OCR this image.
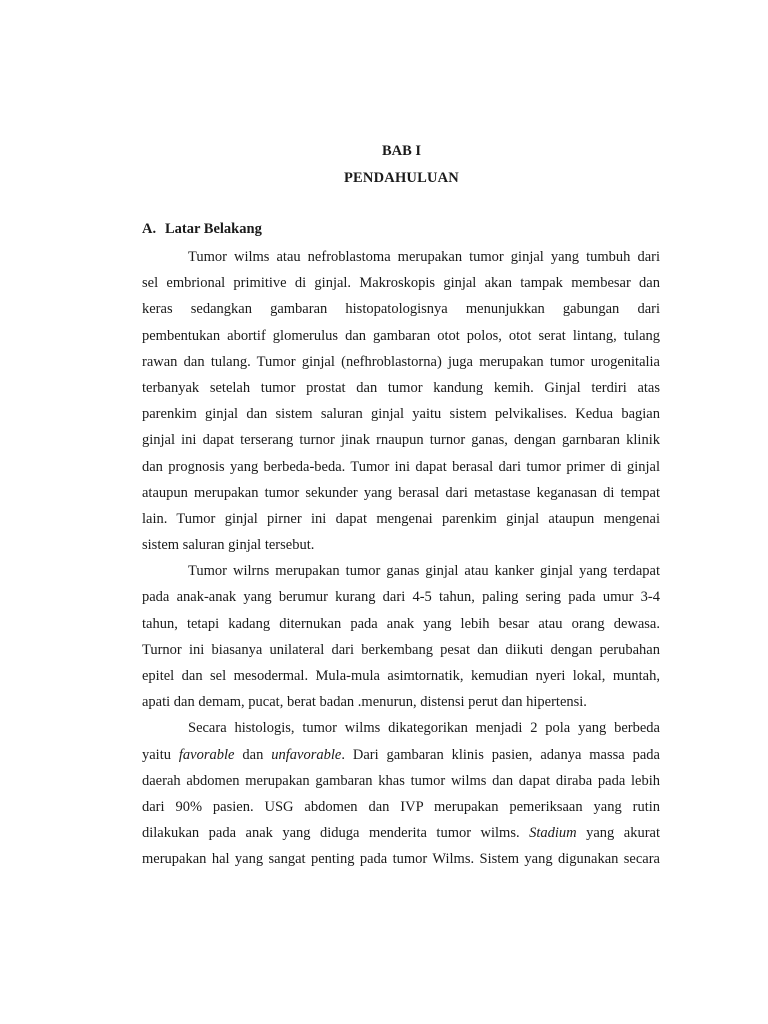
BAB I
PENDAHULUAN
A. Latar Belakang
Tumor wilms atau nefroblastoma merupakan tumor ginjal yang tumbuh dari
sel embrional primitive di ginjal. Makroskopis ginjal akan tampak membesar dan
keras sedangkan gambaran histopatologisnya menunjukkan gabungan dari
pembentukan abortif glomerulus dan gambaran otot polos, otot serat lintang, tulang
rawan dan tulang. Tumor ginjal (nefhroblastorna) juga merupakan tumor urogenitalia
terbanyak setelah tumor prostat dan tumor kandung kemih. Ginjal terdiri atas
parenkim ginjal dan sistem saluran ginjal yaitu sistem pelvikalises. Kedua bagian
ginjal ini dapat terserang turnor jinak rnaupun turnor ganas, dengan garnbaran klinik
dan prognosis yang berbeda-beda. Tumor ini dapat berasal dari tumor primer di ginjal
ataupun merupakan tumor sekunder yang berasal dari metastase keganasan di tempat
lain. Tumor ginjal pirner ini dapat mengenai parenkim ginjal ataupun mengenai
sistem saluran ginjal tersebut.
Tumor wilrns merupakan tumor ganas ginjal atau kanker ginjal yang terdapat
pada anak-anak yang berumur kurang dari 4-5 tahun, paling sering pada umur 3-4
tahun, tetapi kadang diternukan pada anak yang lebih besar atau orang dewasa.
Turnor ini biasanya unilateral dari berkembang pesat dan diikuti dengan perubahan
epitel dan sel mesodermal. Mula-mula asimtornatik, kemudian nyeri lokal, muntah,
apati dan demam, pucat, berat badan .menurun, distensi perut dan hipertensi.
Secara histologis, tumor wilms dikategorikan menjadi 2 pola yang berbeda
yaitu favorable dan unfavorable. Dari gambaran klinis pasien, adanya massa pada
daerah abdomen merupakan gambaran khas tumor wilms dan dapat diraba pada lebih
dari 90% pasien. USG abdomen dan IVP merupakan pemeriksaan yang rutin
dilakukan pada anak yang diduga menderita tumor wilms. Stadium yang akurat
merupakan hal yang sangat penting pada tumor Wilms. Sistem yang digunakan secara
